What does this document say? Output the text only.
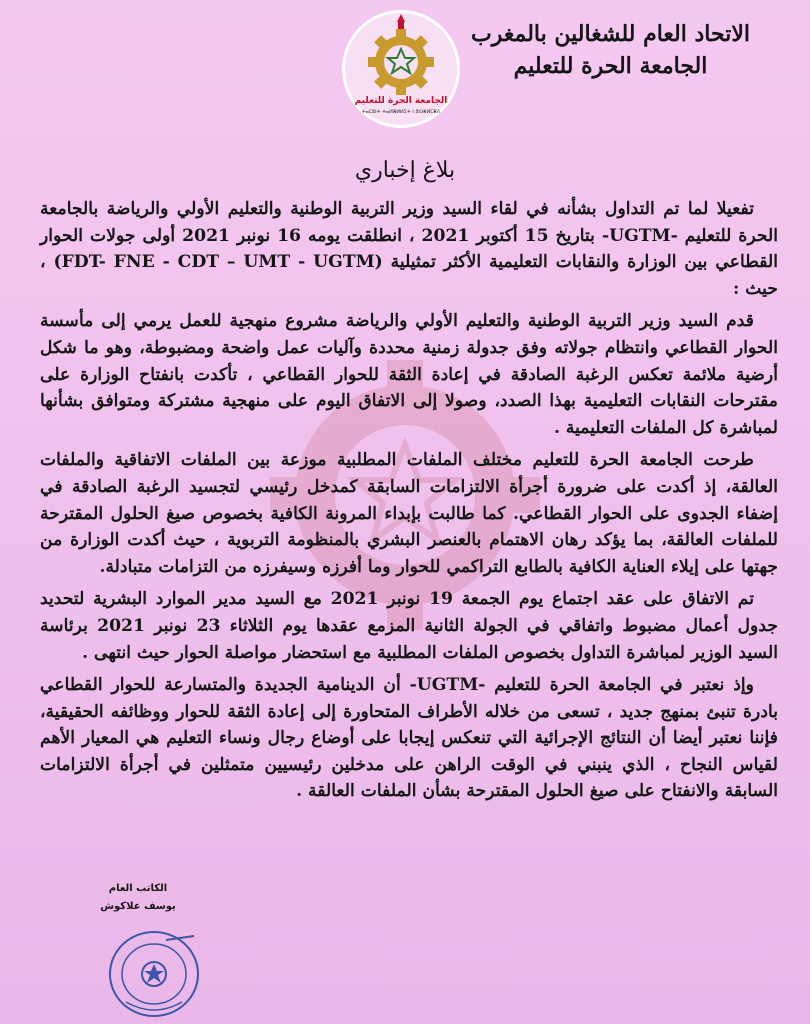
الاتحاد العام للشغالين بالمغرب
الجامعة الحرة للتعليم
الجامعة الحرة للتعليم
ⵜⴰⵎⵓⵏⵜ ⵜⴰⵍⴻⵍⵍⵉⵜ ⵏ ⵓⵙⴻⵍⵎⴻⴷ
بلاغ إخباري

تفعيلا لما تم التداول بشأنه في لقاء السيد وزير التربية الوطنية والتعليم الأولي والرياضة بالجامعة الحرة للتعليم -UGTM- بتاريخ 15 أكتوبر 2021 ، انطلقت يومه 16 نونبر 2021 أولى جولات الحوار القطاعي بين الوزارة والنقابات التعليمية الأكثر تمثيلية (FDT- FNE - CDT – UMT - UGTM) ، حيث :

قدم السيد وزير التربية الوطنية والتعليم الأولي والرياضة مشروع منهجية للعمل يرمي إلى مأسسة الحوار القطاعي وانتظام جولاته وفق جدولة زمنية محددة وآليات عمل واضحة ومضبوطة، وهو ما شكل أرضية ملائمة تعكس الرغبة الصادقة في إعادة الثقة للحوار القطاعي ، تأكدت بانفتاح الوزارة على مقترحات النقابات التعليمية بهذا الصدد، وصولا إلى الاتفاق اليوم على منهجية مشتركة ومتوافق بشأنها لمباشرة كل الملفات التعليمية .

طرحت الجامعة الحرة للتعليم مختلف الملفات المطلبية موزعة بين الملفات الاتفاقية والملفات العالقة، إذ أكدت على ضرورة أجرأة الالتزامات السابقة كمدخل رئيسي لتجسيد الرغبة الصادقة في إضفاء الجدوى على الحوار القطاعي. كما طالبت بإبداء المرونة الكافية بخصوص صيغ الحلول المقترحة للملفات العالقة، بما يؤكد رهان الاهتمام بالعنصر البشري بالمنظومة التربوية ، حيث أكدت الوزارة من جهتها على إيلاء العناية الكافية بالطابع التراكمي للحوار وما أفرزه وسيفرزه من التزامات متبادلة.

تم الاتفاق على عقد اجتماع يوم الجمعة 19 نونبر 2021 مع السيد مدير الموارد البشرية لتحديد جدول أعمال مضبوط واتفاقي في الجولة الثانية المزمع عقدها يوم الثلاثاء 23 نونبر 2021 برئاسة السيد الوزير لمباشرة التداول بخصوص الملفات المطلبية مع استحضار مواصلة الحوار حيث انتهى .

وإذ نعتبر في الجامعة الحرة للتعليم -UGTM- أن الدينامية الجديدة والمتسارعة للحوار القطاعي بادرة تنبئ بمنهج جديد ، تسعى من خلاله الأطراف المتحاورة إلى إعادة الثقة للحوار ووظائفه الحقيقية، فإننا نعتبر أيضا أن النتائج الإجرائية التي تنعكس إيجابا على أوضاع رجال ونساء التعليم هي المعيار الأهم لقياس النجاح ، الذي ينبني في الوقت الراهن على مدخلين رئيسيين متمثلين في أجرأة الالتزامات السابقة والانفتاح على صيغ الحلول المقترحة بشأن الملفات العالقة .

الكاتب العام
يوسف علاكوش
